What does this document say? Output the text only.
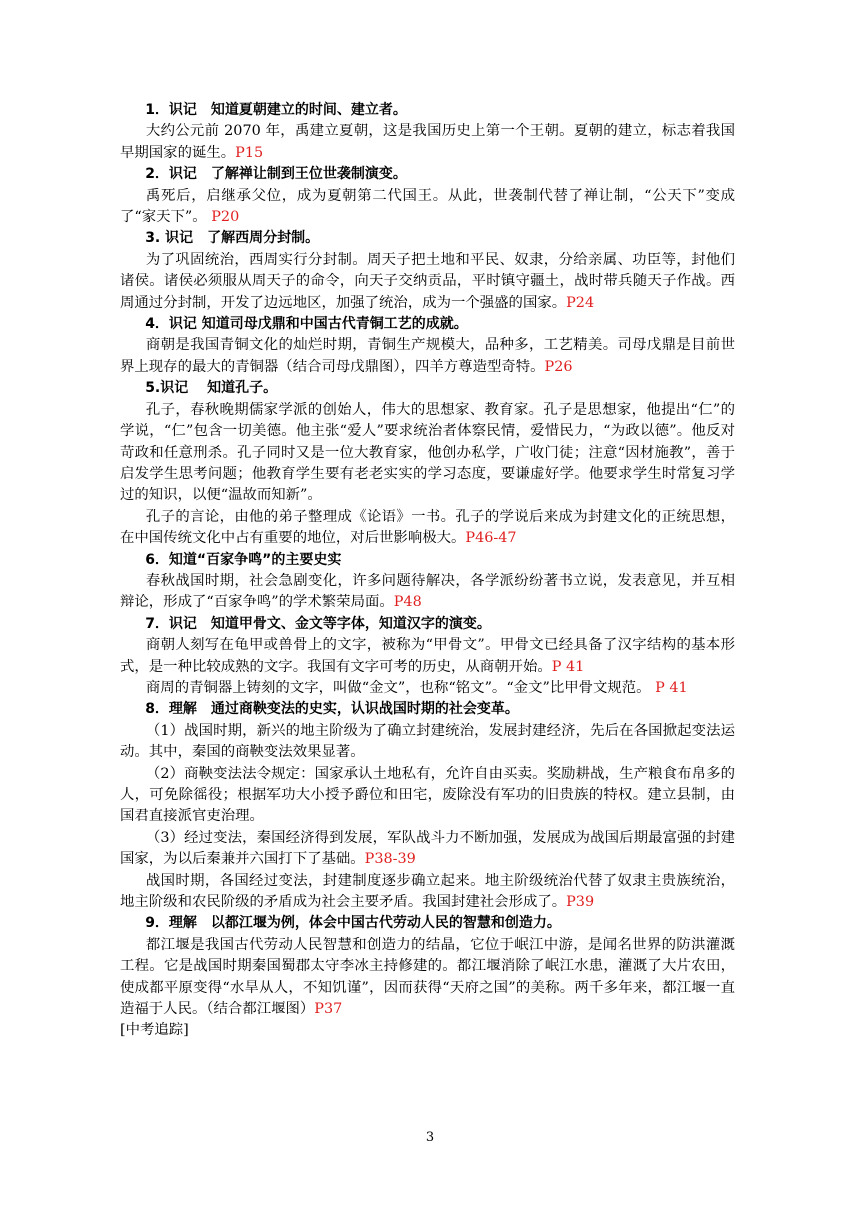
1．识记　知道夏朝建立的时间、建立者。

大约公元前 2070 年，禹建立夏朝，这是我国历史上第一个王朝。夏朝的建立，标志着我国早期国家的诞生。P15

2．识记　了解禅让制到王位世袭制演变。

禹死后，启继承父位，成为夏朝第二代国王。从此，世袭制代替了禅让制，“公天下”变成了“家天下”。 P20

3. 识记　了解西周分封制。

为了巩固统治，西周实行分封制。周天子把土地和平民、奴隶，分给亲属、功臣等，封他们诸侯。诸侯必须服从周天子的命令，向天子交纳贡品，平时镇守疆土，战时带兵随天子作战。西周通过分封制，开发了边远地区，加强了统治，成为一个强盛的国家。P24

4．识记 知道司母戊鼎和中国古代青铜工艺的成就。

商朝是我国青铜文化的灿烂时期，青铜生产规模大，品种多，工艺精美。司母戊鼎是目前世界上现存的最大的青铜器（结合司母戊鼎图），四羊方尊造型奇特。P26

5.识记　 知道孔子。

孔子，春秋晚期儒家学派的创始人，伟大的思想家、教育家。孔子是思想家，他提出“仁”的学说，“仁”包含一切美德。他主张“爱人”要求统治者体察民情，爱惜民力，“为政以德”。他反对苛政和任意刑杀。孔子同时又是一位大教育家，他创办私学，广收门徒；注意“因材施教”，善于启发学生思考问题；他教育学生要有老老实实的学习态度，要谦虚好学。他要求学生时常复习学过的知识，以便“温故而知新”。

孔子的言论，由他的弟子整理成《论语》一书。孔子的学说后来成为封建文化的正统思想，在中国传统文化中占有重要的地位，对后世影响极大。P46-47

6．知道“百家争鸣”的主要史实

春秋战国时期，社会急剧变化，许多问题待解决，各学派纷纷著书立说，发表意见，并互相辩论，形成了“百家争鸣”的学术繁荣局面。P48

7．识记　知道甲骨文、金文等字体，知道汉字的演变。

商朝人刻写在龟甲或兽骨上的文字，被称为“甲骨文”。甲骨文已经具备了汉字结构的基本形式，是一种比较成熟的文字。我国有文字可考的历史，从商朝开始。P 41

商周的青铜器上铸刻的文字，叫做“金文”，也称“铭文”。“金文”比甲骨文规范。 P 41

8．理解　通过商鞅变法的史实，认识战国时期的社会变革。

（1）战国时期，新兴的地主阶级为了确立封建统治，发展封建经济，先后在各国掀起变法运动。其中，秦国的商鞅变法效果显著。

（2）商鞅变法法令规定：国家承认土地私有，允许自由买卖。奖励耕战，生产粮食布帛多的人，可免除徭役；根据军功大小授予爵位和田宅，废除没有军功的旧贵族的特权。建立县制，由国君直接派官吏治理。

（3）经过变法，秦国经济得到发展，军队战斗力不断加强，发展成为战国后期最富强的封建国家，为以后秦兼并六国打下了基础。P38-39

战国时期，各国经过变法，封建制度逐步确立起来。地主阶级统治代替了奴隶主贵族统治，地主阶级和农民阶级的矛盾成为社会主要矛盾。我国封建社会形成了。P39

9．理解　以都江堰为例，体会中国古代劳动人民的智慧和创造力。

都江堰是我国古代劳动人民智慧和创造力的结晶，它位于岷江中游，是闻名世界的防洪灌溉工程。它是战国时期秦国蜀郡太守李冰主持修建的。都江堰消除了岷江水患，灌溉了大片农田，使成都平原变得“水旱从人，不知饥谨”，因而获得“天府之国”的美称。两千多年来，都江堰一直造福于人民。（结合都江堰图）P37

[中考追踪]

3
